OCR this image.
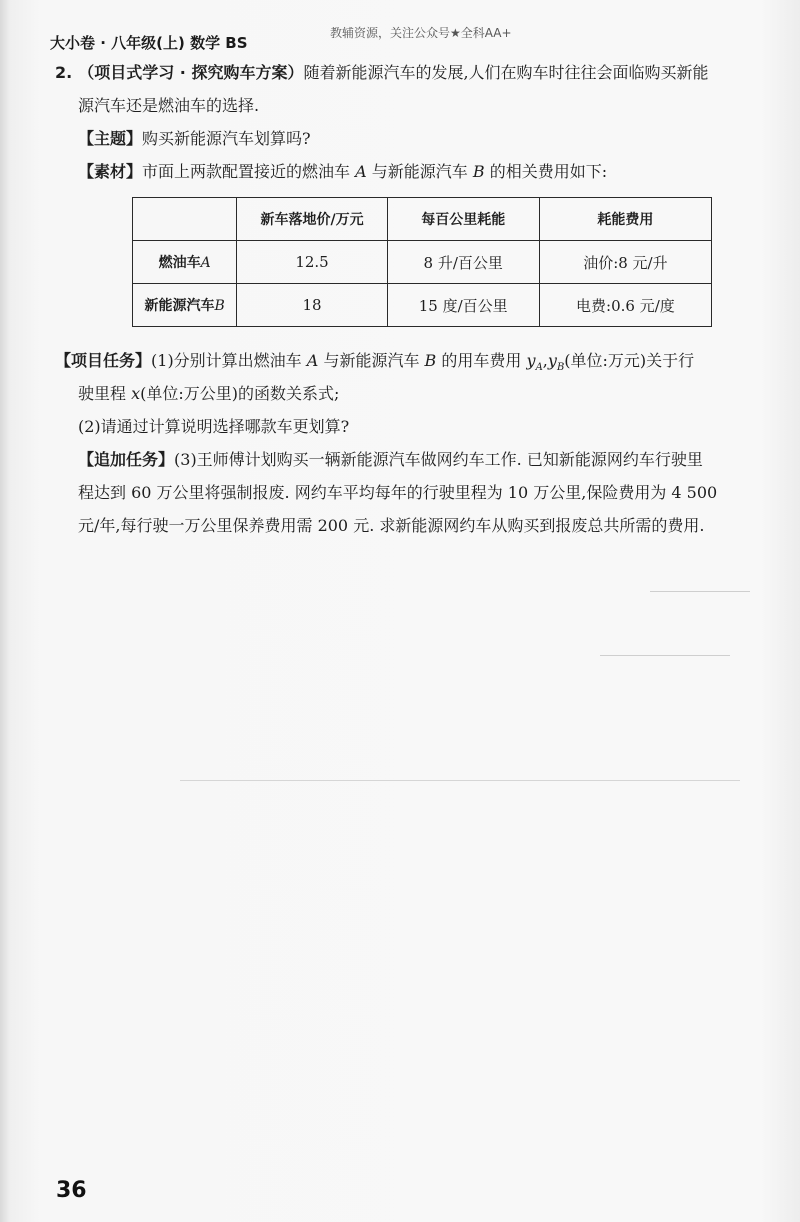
大小卷 · 八年级(上) 数学 BS
教辅资源，关注公众号★全科AA+
2. （项目式学习 · 探究购车方案）随着新能源汽车的发展,人们在购车时往往会面临购买新能
源汽车还是燃油车的选择.
【主题】购买新能源汽车划算吗?
【素材】市面上两款配置接近的燃油车 A 与新能源汽车 B 的相关费用如下:
	新车落地价/万元	每百公里耗能	耗能费用
燃油车A	12.5	8 升/百公里	油价:8 元/升
新能源汽车B	18	15 度/百公里	电费:0.6 元/度
【项目任务】(1)分别计算出燃油车 A 与新能源汽车 B 的用车费用 $y_A,y_B$(单位:万元)关于行
驶里程 x(单位:万公里)的函数关系式;
(2)请通过计算说明选择哪款车更划算?
【追加任务】(3)王师傅计划购买一辆新能源汽车做网约车工作. 已知新能源网约车行驶里
程达到 60 万公里将强制报废. 网约车平均每年的行驶里程为 10 万公里,保险费用为 4 500
元/年,每行驶一万公里保养费用需 200 元. 求新能源网约车从购买到报废总共所需的费用.
36
